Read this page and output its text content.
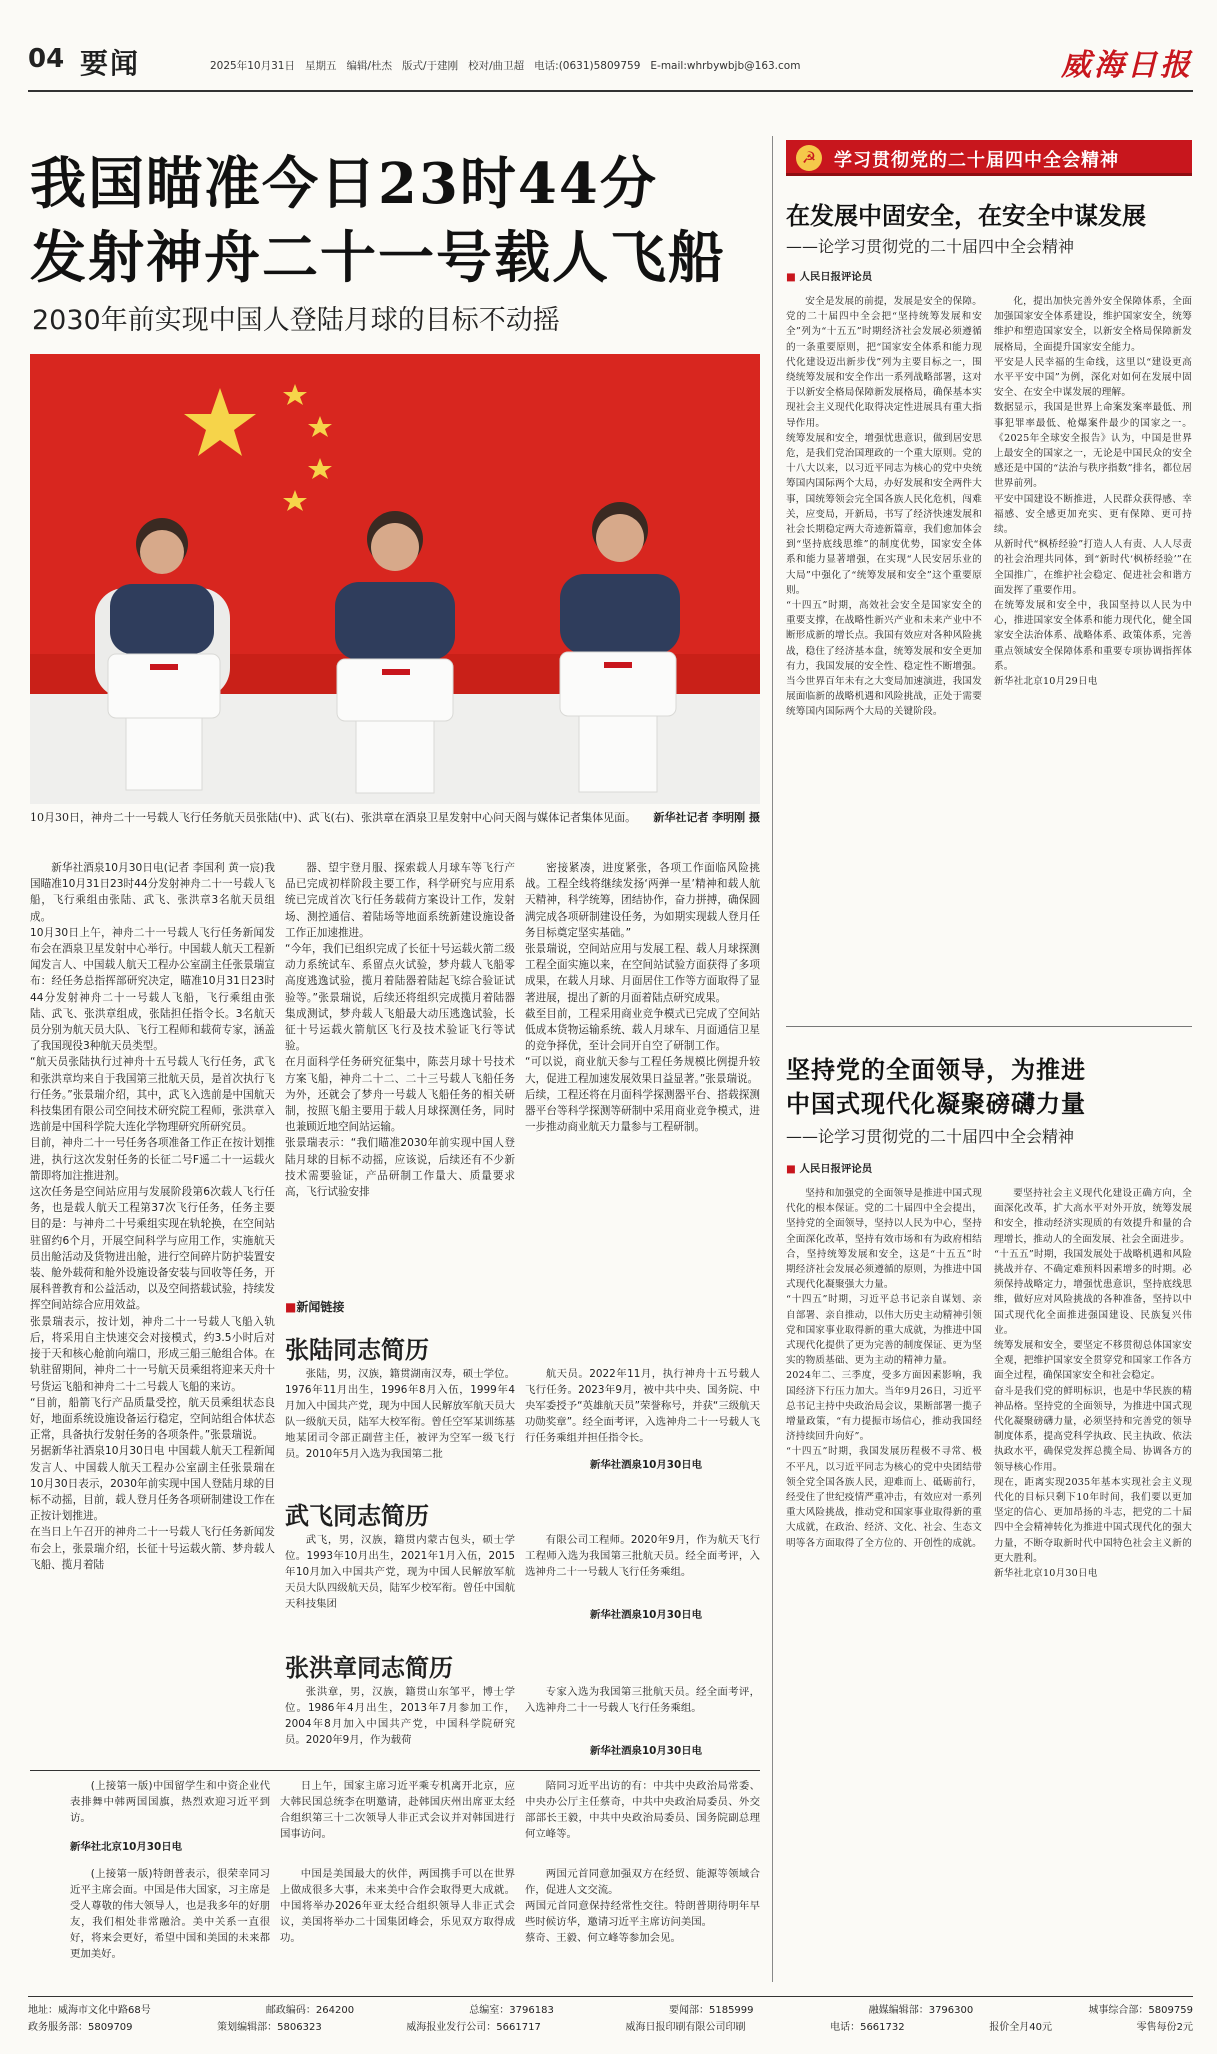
04 要闻	2025年10月31日 星期五 编辑/杜杰 版式/于建刚 校对/曲卫超 电话:(0631)5809759 E-mail:whrbywbjb@163.com	威海日报
我国瞄准今日23时44分
发射神舟二十一号载人飞船
2030年前实现中国人登陆月球的目标不动摇
10月30日，神舟二十一号载人飞行任务航天员张陆(中)、武飞(右)、张洪章在酒泉卫星发射中心问天阁与媒体记者集体见面。 新华社记者 李明刚 摄
新华社酒泉10月30日电(记者 李国利 黄一宸)我国瞄准10月31日23时44分发射神舟二十一号载人飞船，飞行乘组由张陆、武飞、张洪章3名航天员组成。
10月30日上午，神舟二十一号载人飞行任务新闻发布会在酒泉卫星发射中心举行。中国载人航天工程新闻发言人、中国载人航天工程办公室副主任张景瑞宣布：经任务总指挥部研究决定，瞄准10月31日23时44分发射神舟二十一号载人飞船，飞行乘组由张陆、武飞、张洪章组成，张陆担任指令长。3名航天员分别为航天员大队、飞行工程师和载荷专家，涵盖了我国现役3种航天员类型。
“航天员张陆执行过神舟十五号载人飞行任务，武飞和张洪章均来自于我国第三批航天员，是首次执行飞行任务。”张景瑞介绍，其中，武飞入选前是中国航天科技集团有限公司空间技术研究院工程师，张洪章入选前是中国科学院大连化学物理研究所研究员。
目前，神舟二十一号任务各项准备工作正在按计划推进，执行这次发射任务的长征二号F遥二十一运载火箭即将加注推进剂。
这次任务是空间站应用与发展阶段第6次载人飞行任务，也是载人航天工程第37次飞行任务，任务主要目的是：与神舟二十号乘组实现在轨轮换，在空间站驻留约6个月，开展空间科学与应用工作，实施航天员出舱活动及货物进出舱，进行空间碎片防护装置安装、舱外载荷和舱外设施设备安装与回收等任务，开展科普教育和公益活动，以及空间搭载试验，持续发挥空间站综合应用效益。
张景瑞表示，按计划，神舟二十一号载人飞船入轨后，将采用自主快速交会对接模式，约3.5小时后对接于天和核心舱前向端口，形成三船三舱组合体。在轨驻留期间，神舟二十一号航天员乘组将迎来天舟十号货运飞船和神舟二十二号载人飞船的来访。
“目前，船箭飞行产品质量受控，航天员乘组状态良好，地面系统设施设备运行稳定，空间站组合体状态正常，具备执行发射任务的各项条件。”张景瑞说。
另据新华社酒泉10月30日电 中国载人航天工程新闻发言人、中国载人航天工程办公室副主任张景瑞在10月30日表示，2030年前实现中国人登陆月球的目标不动摇，目前，载人登月任务各项研制建设工作在正按计划推进。
在当日上午召开的神舟二十一号载人飞行任务新闻发布会上，张景瑞介绍，长征十号运载火箭、梦舟载人飞船、揽月着陆
器、望宇登月服、探索载人月球车等飞行产品已完成初样阶段主要工作，科学研究与应用系统已完成首次飞行任务载荷方案设计工作，发射场、测控通信、着陆场等地面系统新建设施设备工作正加速推进。
“今年，我们已组织完成了长征十号运载火箭二级动力系统试车、系留点火试验，梦舟载人飞船零高度逃逸试验，揽月着陆器着陆起飞综合验证试验等。”张景瑞说，后续还将组织完成揽月着陆器集成测试，梦舟载人飞船最大动压逃逸试验，长征十号运载火箭航区飞行及技术验证飞行等试验。
在月面科学任务研究征集中，陈芸月球十号技术方案飞船，神舟二十二、二十三号载人飞船任务为外，还就会了梦舟一号载人飞船任务的相关研制，按照飞船主要用于载人月球探测任务，同时也兼顾近地空间站运输。
张景瑞表示：“我们瞄准2030年前实现中国人登陆月球的目标不动摇，应该说，后续还有不少新技术需要验证，产品研制工作量大、质量要求高，飞行试验安排
密接紧凑，进度紧张，各项工作面临风险挑战。工程全线将继续发扬‘两弹一星’精神和载人航天精神，科学统筹，团结协作，奋力拼搏，确保圆满完成各项研制建设任务，为如期实现载人登月任务目标奠定坚实基础。”
张景瑞说，空间站应用与发展工程、载人月球探测工程全面实施以来，在空间站试验方面获得了多项成果，在载人月球、月面居住工作等方面取得了显著进展，提出了新的月面着陆点研究成果。
截至目前，工程采用商业竞争模式已完成了空间站低成本货物运输系统、载人月球车、月面通信卫星的竞争择优，至计会同开自空了研制工作。
“可以说，商业航天参与工程任务规模比例提升较大，促进工程加速发展效果日益显著。”张景瑞说。
后续，工程还将在月面科学探测器平台、搭载探测器平台等科学探测等研制中采用商业竞争模式，进一步推动商业航天力量参与工程研制。
■新闻链接
张陆同志简历
张陆，男，汉族，籍贯湖南汉寿，硕士学位。1976年11月出生，1996年8月入伍，1999年4月加入中国共产党，现为中国人民解放军航天员大队一级航天员，陆军大校军衔。曾任空军某训练基地某团司令部正副营主任，被评为空军一级飞行员。2010年5月入选为我国第二批
航天员。2022年11月，执行神舟十五号载人飞行任务。2023年9月，被中共中央、国务院、中央军委授予“英雄航天员”荣誉称号，并获“三级航天功勋奖章”。经全面考评，入选神舟二十一号载人飞行任务乘组并担任指令长。
新华社酒泉10月30日电
武飞同志简历
武飞，男，汉族，籍贯内蒙古包头，硕士学位。1993年10月出生，2021年1月入伍，2015年10月加入中国共产党，现为中国人民解放军航天员大队四级航天员，陆军少校军衔。曾任中国航天科技集团
有限公司工程师。2020年9月，作为航天飞行工程师入选为我国第三批航天员。经全面考评，入选神舟二十一号载人飞行任务乘组。
新华社酒泉10月30日电
张洪章同志简历
张洪章，男，汉族，籍贯山东邹平，博士学位。1986年4月出生，2013年7月参加工作，2004年8月加入中国共产党，中国科学院研究员。2020年9月，作为载荷
专家入选为我国第三批航天员。经全面考评，入选神舟二十一号载人飞行任务乘组。
新华社酒泉10月30日电
(上接第一版)中国留学生和中资企业代表排舞中韩两国国旗，热烈欢迎习近平到访。
新华社北京10月30日电
(上接第一版)特朗普表示，很荣幸同习近平主席会面。中国是伟大国家，习主席是受人尊敬的伟大领导人，也是我多年的好朋友，我们相处非常融洽。美中关系一直很好，将来会更好，希望中国和美国的未来都更加美好。
日上午，国家主席习近平乘专机离开北京，应大韩民国总统李在明邀请，赴韩国庆州出席亚太经合组织第三十二次领导人非正式会议并对韩国进行国事访问。
中国是美国最大的伙伴，两国携手可以在世界上做成很多大事，未来美中合作会取得更大成就。中国将举办2026年亚太经合组织领导人非正式会议，美国将举办二十国集团峰会，乐见双方取得成功。
陪同习近平出访的有：中共中央政治局常委、中央办公厅主任蔡奇，中共中央政治局委员、外交部部长王毅，中共中央政治局委员、国务院副总理何立峰等。
两国元首同意加强双方在经贸、能源等领域合作，促进人文交流。
两国元首同意保持经常性交往。特朗普期待明年早些时候访华，邀请习近平主席访问美国。
蔡奇、王毅、何立峰等参加会见。
☭ 学习贯彻党的二十届四中全会精神
在发展中固安全，在安全中谋发展
——论学习贯彻党的二十届四中全会精神
■ 人民日报评论员
安全是发展的前提，发展是安全的保障。党的二十届四中全会把“坚持统筹发展和安全”列为“十五五”时期经济社会发展必须遵循的一条重要原则，把“国家安全体系和能力现代化建设迈出新步伐”列为主要目标之一，围绕统筹发展和安全作出一系列战略部署，这对于以新安全格局保障新发展格局，确保基本实现社会主义现代化取得决定性进展具有重大指导作用。
统筹发展和安全，增强忧患意识，做到居安思危，是我们党治国理政的一个重大原则。党的十八大以来，以习近平同志为核心的党中央统筹国内国际两个大局，办好发展和安全两件大事，国统筹领会完全国各族人民化危机，闯难关，应变局，开新局，书写了经济快速发展和社会长期稳定两大奇迹新篇章，我们愈加体会到“坚持底线思维”的制度优势，国家安全体系和能力显著增强，在实现“人民安居乐业的大局”中强化了“统筹发展和安全”这个重要原则。
“十四五”时期，高效社会安全是国家安全的重要支撑，在战略性新兴产业和未来产业中不断形成新的增长点。我国有效应对各种风险挑战，稳住了经济基本盘，统筹发展和安全更加有力，我国发展的安全性、稳定性不断增强。
当今世界百年未有之大变局加速演进，我国发展面临新的战略机遇和风险挑战，正处于需要统筹国内国际两个大局的关键阶段。
化，提出加快完善外安全保障体系，全面加强国家安全体系建设，维护国家安全，统筹维护和塑造国家安全，以新安全格局保障新发展格局，全面提升国家安全能力。
平安是人民幸福的生命线，这里以“建设更高水平平安中国”为例，深化对如何在发展中固安全、在安全中谋发展的理解。
数据显示，我国是世界上命案发案率最低、刑事犯罪率最低、枪爆案件最少的国家之一。《2025年全球安全报告》认为，中国是世界上最安全的国家之一，无论是中国民众的安全感还是中国的“法治与秩序指数”排名，都位居世界前列。
平安中国建设不断推进，人民群众获得感、幸福感、安全感更加充实、更有保障、更可持续。
从新时代“枫桥经验”打造人人有责、人人尽责的社会治理共同体，到“新时代‘枫桥经验’”在全国推广，在维护社会稳定、促进社会和谐方面发挥了重要作用。
在统筹发展和安全中，我国坚持以人民为中心，推进国家安全体系和能力现代化，健全国家安全法治体系、战略体系、政策体系，完善重点领域安全保障体系和重要专项协调指挥体系。
新华社北京10月29日电
坚持党的全面领导，为推进
中国式现代化凝聚磅礴力量
——论学习贯彻党的二十届四中全会精神
■ 人民日报评论员
坚持和加强党的全面领导是推进中国式现代化的根本保证。党的二十届四中全会提出，坚持党的全面领导，坚持以人民为中心，坚持全面深化改革，坚持有效市场和有为政府相结合，坚持统筹发展和安全，这是“十五五”时期经济社会发展必须遵循的原则，为推进中国式现代化凝聚强大力量。
“十四五”时期，习近平总书记亲自谋划、亲自部署、亲自推动，以伟大历史主动精神引领党和国家事业取得新的重大成就，为推进中国式现代化提供了更为完善的制度保证、更为坚实的物质基础、更为主动的精神力量。
2024年二、三季度，受多方面因素影响，我国经济下行压力加大。当年9月26日，习近平总书记主持中央政治局会议，果断部署一揽子增量政策，“有力提振市场信心，推动我国经济持续回升向好”。
“十四五”时期，我国发展历程极不寻常、极不平凡，以习近平同志为核心的党中央团结带领全党全国各族人民，迎难而上、砥砺前行，经受住了世纪疫情严重冲击，有效应对一系列重大风险挑战，推动党和国家事业取得新的重大成就，在政治、经济、文化、社会、生态文明等各方面取得了全方位的、开创性的成就。
要坚持社会主义现代化建设正确方向，全面深化改革，扩大高水平对外开放，统筹发展和安全，推动经济实现质的有效提升和量的合理增长，推动人的全面发展、社会全面进步。
“十五五”时期，我国发展处于战略机遇和风险挑战并存、不确定难预料因素增多的时期。必须保持战略定力，增强忧患意识，坚持底线思维，做好应对风险挑战的各种准备，坚持以中国式现代化全面推进强国建设、民族复兴伟业。
统筹发展和安全，要坚定不移贯彻总体国家安全观，把维护国家安全贯穿党和国家工作各方面全过程，确保国家安全和社会稳定。
奋斗是我们党的鲜明标识，也是中华民族的精神品格。坚持党的全面领导，为推进中国式现代化凝聚磅礴力量，必须坚持和完善党的领导制度体系，提高党科学执政、民主执政、依法执政水平，确保党发挥总揽全局、协调各方的领导核心作用。
现在，距离实现2035年基本实现社会主义现代化的目标只剩下10年时间，我们要以更加坚定的信心、更加昂扬的斗志，把党的二十届四中全会精神转化为推进中国式现代化的强大力量，不断夺取新时代中国特色社会主义新的更大胜利。
新华社北京10月30日电
地址：威海市文化中路68号	邮政编码：264200	总编室：3796183	要闻部：5185999	融媒编辑部：3796300	城事综合部：5809759
政务服务部：5809709	策划编辑部：5806323	威海报业发行公司：5661717	威海日报印刷有限公司印刷	电话：5661732	报价全月40元	零售每份2元
